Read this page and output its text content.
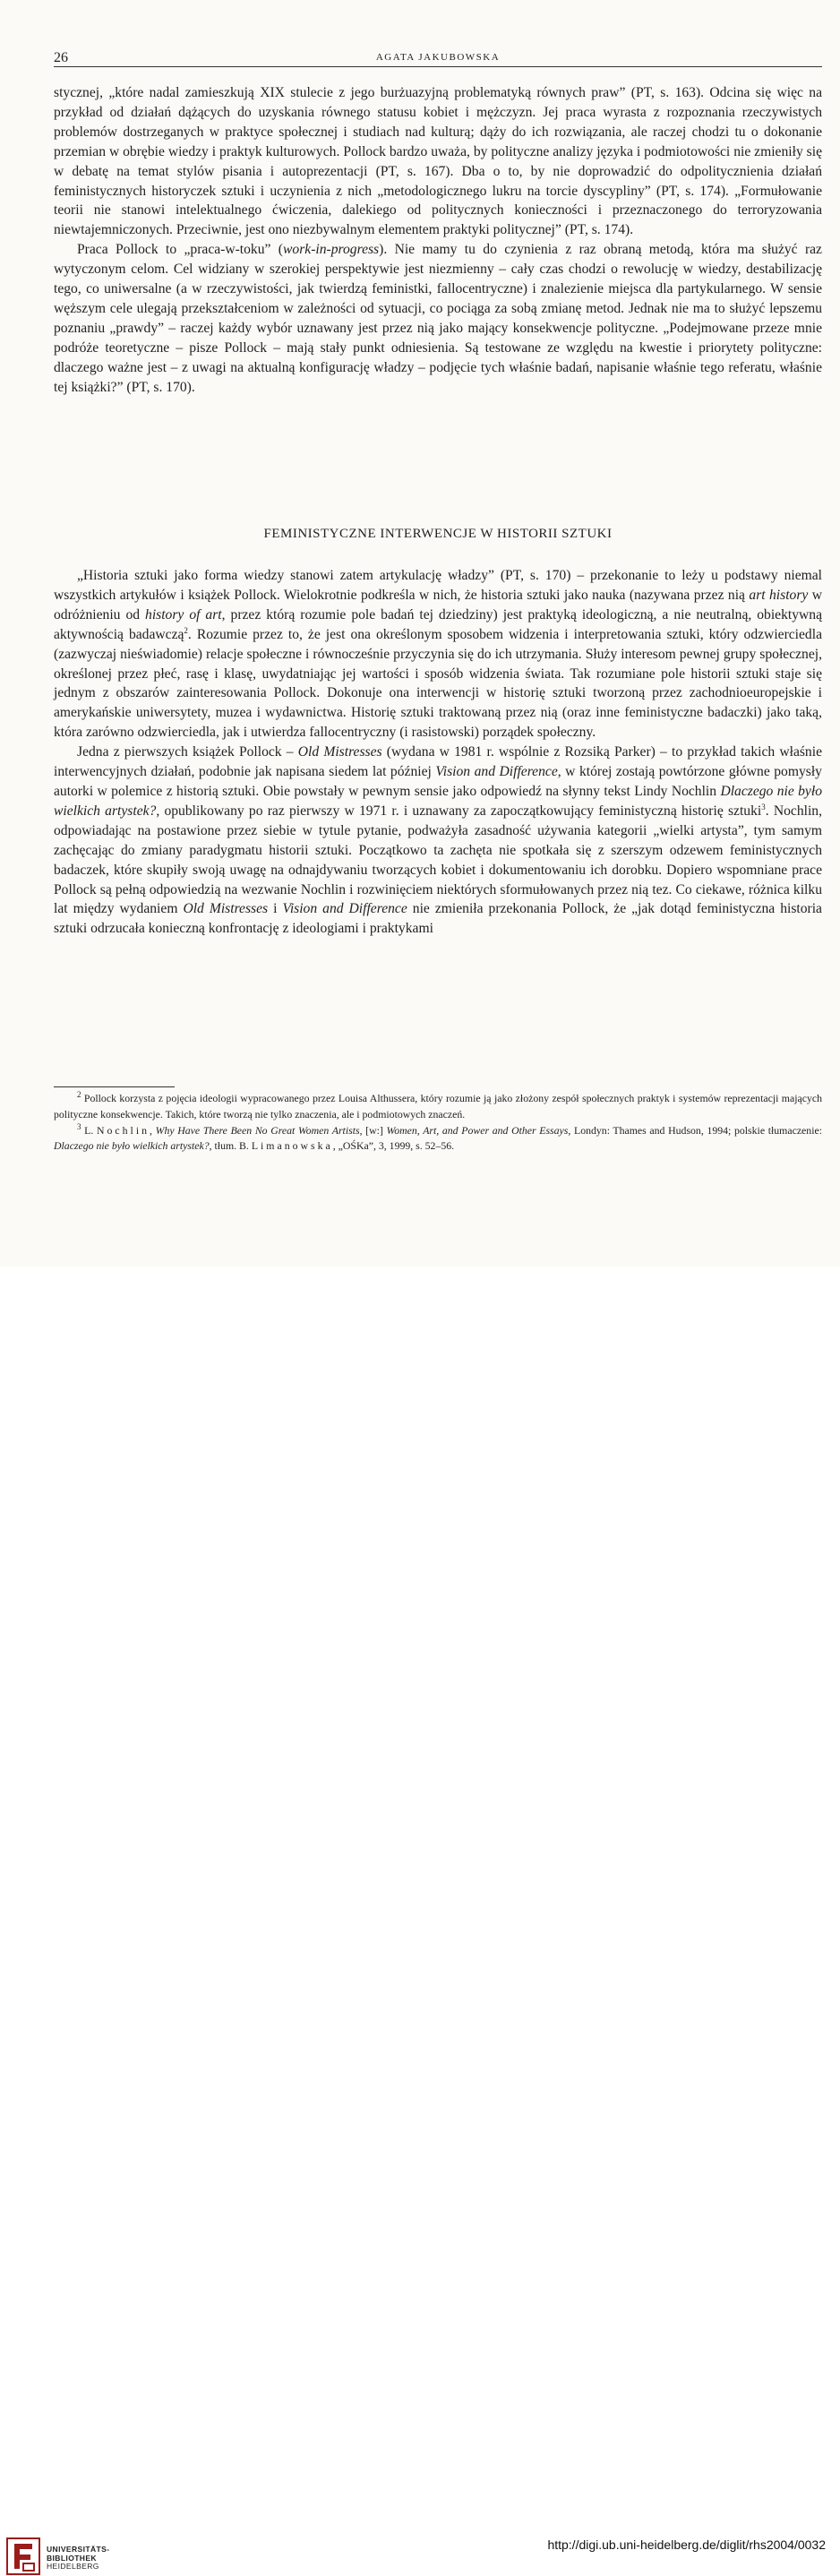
26	AGATA JAKUBOWSKA

stycznej, „które nadal zamieszkują XIX stulecie z jego burżuazyjną problematyką równych praw” (PT, s. 163). Odcina się więc na przykład od działań dążących do uzyskania równego statusu kobiet i mężczyzn. Jej praca wyrasta z rozpoznania rzeczywistych problemów dostrzeganych w praktyce społecznej i studiach nad kulturą; dąży do ich rozwiązania, ale raczej chodzi tu o dokonanie przemian w obrębie wiedzy i praktyk kulturowych. Pollock bardzo uważa, by polityczne analizy języka i podmiotowości nie zmieniły się w debatę na temat stylów pisania i autoprezentacji (PT, s. 167). Dba o to, by nie doprowadzić do odpolitycznienia działań feministycznych historyczek sztuki i uczynienia z nich „metodologicznego lukru na torcie dyscypliny” (PT, s. 174). „Formułowanie teorii nie stanowi intelektualnego ćwiczenia, dalekiego od politycznych konieczności i przeznaczonego do terroryzowania niewtajemniczonych. Przeciwnie, jest ono niezbywalnym elementem praktyki politycznej” (PT, s. 174).

Praca Pollock to „praca-w-toku” (work-in-progress). Nie mamy tu do czynienia z raz obraną metodą, która ma służyć raz wytyczonym celom. Cel widziany w szerokiej perspektywie jest niezmienny – cały czas chodzi o rewolucję w wiedzy, destabilizację tego, co uniwersalne (a w rzeczywistości, jak twierdzą feministki, fallocentryczne) i znalezienie miejsca dla partykularnego. W sensie węższym cele ulegają przekształceniom w zależności od sytuacji, co pociąga za sobą zmianę metod. Jednak nie ma to służyć lepszemu poznaniu „prawdy” – raczej każdy wybór uznawany jest przez nią jako mający konsekwencje polityczne. „Podejmowane przeze mnie podróże teoretyczne – pisze Pollock – mają stały punkt odniesienia. Są testowane ze względu na kwestie i priorytety polityczne: dlaczego ważne jest – z uwagi na aktualną konfigurację władzy – podjęcie tych właśnie badań, napisanie właśnie tego referatu, właśnie tej książki?” (PT, s. 170).

FEMINISTYCZNE INTERWENCJE W HISTORII SZTUKI

„Historia sztuki jako forma wiedzy stanowi zatem artykulację władzy” (PT, s. 170) – przekonanie to leży u podstawy niemal wszystkich artykułów i książek Pollock. Wielokrotnie podkreśla w nich, że historia sztuki jako nauka (nazywana przez nią art history w odróżnieniu od history of art, przez którą rozumie pole badań tej dziedziny) jest praktyką ideologiczną, a nie neutralną, obiektywną aktywnością badawczą$^2$. Rozumie przez to, że jest ona określonym sposobem widzenia i interpretowania sztuki, który odzwierciedla (zazwyczaj nieświadomie) relacje społeczne i równocześnie przyczynia się do ich utrzymania. Służy interesom pewnej grupy społecznej, określonej przez płeć, rasę i klasę, uwydatniając jej wartości i sposób widzenia świata. Tak rozumiane pole historii sztuki staje się jednym z obszarów zainteresowania Pollock. Dokonuje ona interwencji w historię sztuki tworzoną przez zachodnioeuropejskie i amerykańskie uniwersytety, muzea i wydawnictwa. Historię sztuki traktowaną przez nią (oraz inne feministyczne badaczki) jako taką, która zarówno odzwierciedla, jak i utwierdza fallocentryczny (i rasistowski) porządek społeczny.

Jedna z pierwszych książek Pollock – Old Mistresses (wydana w 1981 r. wspólnie z Rozsiką Parker) – to przykład takich właśnie interwencyjnych działań, podobnie jak napisana siedem lat później Vision and Difference, w której zostają powtórzone główne pomysły autorki w polemice z historią sztuki. Obie powstały w pewnym sensie jako odpowiedź na słynny tekst Lindy Nochlin Dlaczego nie było wielkich artystek?, opublikowany po raz pierwszy w 1971 r. i uznawany za zapoczątkowujący feministyczną historię sztuki$^3$. Nochlin, odpowiadając na postawione przez siebie w tytule pytanie, podważyła zasadność używania kategorii „wielki artysta”, tym samym zachęcając do zmiany paradygmatu historii sztuki. Początkowo ta zachęta nie spotkała się z szerszym odzewem feministycznych badaczek, które skupiły swoją uwagę na odnajdywaniu tworzących kobiet i dokumentowaniu ich dorobku. Dopiero wspomniane prace Pollock są pełną odpowiedzią na wezwanie Nochlin i rozwinięciem niektórych sformułowanych przez nią tez. Co ciekawe, różnica kilku lat między wydaniem Old Mistresses i Vision and Difference nie zmieniła przekonania Pollock, że „jak dotąd feministyczna historia sztuki odrzucała konieczną konfrontację z ideologiami i praktykami

$^2$ Pollock korzysta z pojęcia ideologii wypracowanego przez Louisa Althussera, który rozumie ją jako złożony zespół społecznych praktyk i systemów reprezentacji mających polityczne konsekwencje. Takich, które tworzą nie tylko znaczenia, ale i podmiotowych znaczeń.

$^3$ L. Nochlin, Why Have There Been No Great Women Artists, [w:] Women, Art, and Power and Other Essays, Londyn: Thames and Hudson, 1994; polskie tłumaczenie: Dlaczego nie było wielkich artystek?, tłum. B. Limanowska, „OŚKa”, 3, 1999, s. 52–56.

UNIVERSITÄTS-
BIBLIOTHEK
HEIDELBERG
http://digi.ub.uni-heidelberg.de/diglit/rhs2004/0032
